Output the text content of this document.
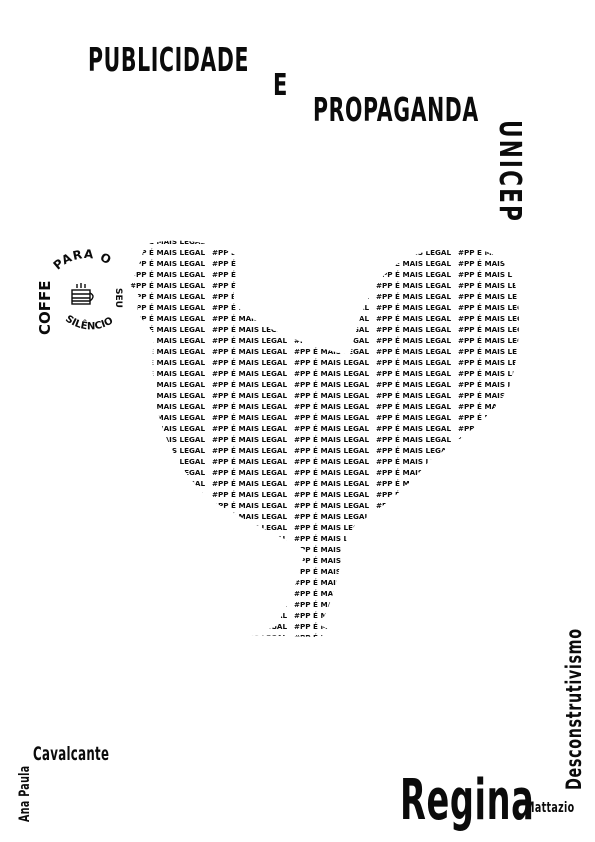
PUBLICIDADE
E
PROPAGANDA
UNICEP
PARA O
SILÊNCIO
COFFE	SEU
Desconstrutivismo
Regina
Mattazio
Cavalcante
Ana Paula
